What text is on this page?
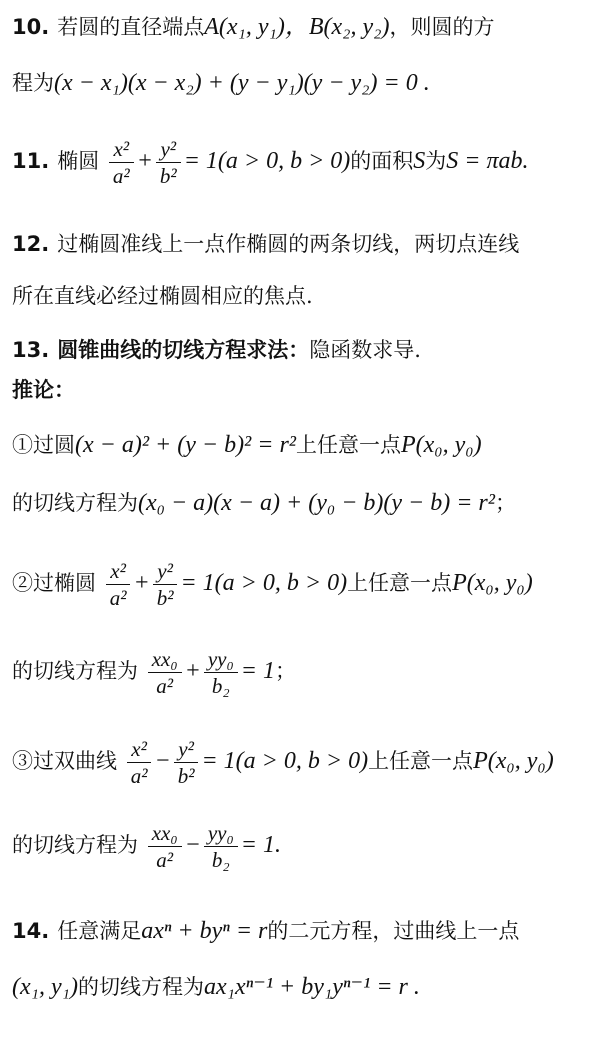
10. 若圆的直径端点A(x₁, y₁)，B(x₂, y₂)，则圆的方
程为(x − x₁)(x − x₂) + (y − y₁)(y − y₂) = 0 .
11. 椭圆 $\frac{\text{x²}}{\text{a²}} + \frac{\text{y²}}{\text{b²}} = 1(a > 0$, b > 0)的面积S为S = πab.
12. 过椭圆准线上一点作椭圆的两条切线，两切点连线
所在直线必经过椭圆相应的焦点.
13. 圆锥曲线的切线方程求法：隐函数求导.
推论：
①过圆(x − a)² + (y − b)² = r²上任意一点P(x₀, y₀)
的切线方程为(x₀ − a)(x − a) + (y₀ − b)(y − b) = r²；
②过椭圆 $\frac{\text{x²}}{\text{a²}} + \frac{\text{y²}}{\text{b²}} = 1(a > 0$, b > 0)上任意一点P(x₀, y₀)
的切线方程为 $\frac{\text{xx₀}}{\text{a²}} + \frac{\text{yy₀}}{\text{b₂}} = 1$；
③过双曲线 $\frac{\text{x²}}{\text{a²}} - \frac{\text{y²}}{\text{b²}} = 1(a > 0$, b > 0)上任意一点P(x₀, y₀)
的切线方程为 $\frac{\text{xx₀}}{\text{a²}} - \frac{\text{yy₀}}{\text{b₂}} = 1$.
14. 任意满足axⁿ + byⁿ = r的二元方程，过曲线上一点
(x₁, y₁)的切线方程为ax₁xⁿ⁻¹ + by₁yⁿ⁻¹ = r .
